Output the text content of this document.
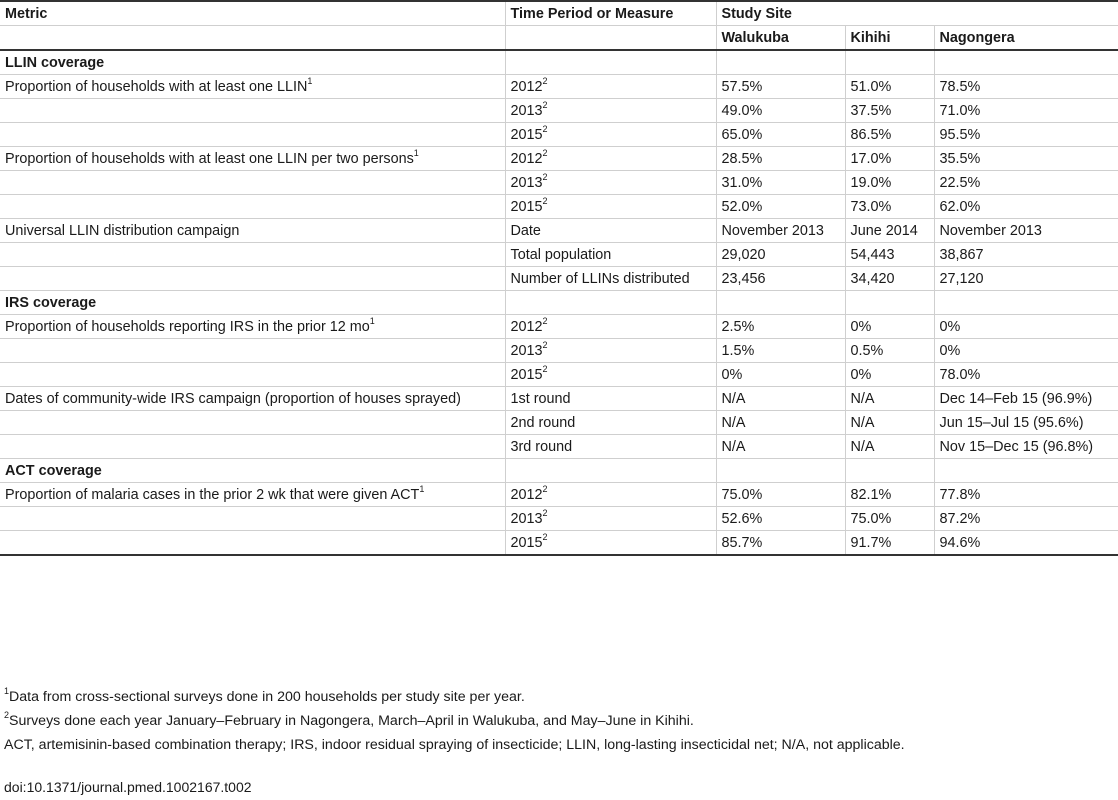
Metric	Time Period or Measure	Study Site		
		Walukuba	Kihihi	Nagongera
LLIN coverage				
Proportion of households with at least one LLIN$^1$	2012$^2$	57.5%	51.0%	78.5%
	2013$^2$	49.0%	37.5%	71.0%
	2015$^2$	65.0%	86.5%	95.5%
Proportion of households with at least one LLIN per two persons$^1$	2012$^2$	28.5%	17.0%	35.5%
	2013$^2$	31.0%	19.0%	22.5%
	2015$^2$	52.0%	73.0%	62.0%
Universal LLIN distribution campaign	Date	November 2013	June 2014	November 2013
	Total population	29,020	54,443	38,867
	Number of LLINs distributed	23,456	34,420	27,120
IRS coverage				
Proportion of households reporting IRS in the prior 12 $mo^1$	2012$^2$	2.5%	0%	0%
	2013$^2$	1.5%	0.5%	0%
	2015$^2$	0%	0%	78.0%
Dates of community-wide IRS campaign (proportion of houses sprayed)	1st round	N/A	N/A	Dec 14–Feb 15 (96.9%)
	2nd round	N/A	N/A	Jun 15–Jul 15 (95.6%)
	3rd round	N/A	N/A	Nov 15–Dec 15 (96.8%)
ACT coverage				
Proportion of malaria cases in the prior 2 wk that were given ACT$^1$	2012$^2$	75.0%	82.1%	77.8%
	2013$^2$	52.6%	75.0%	87.2%
	2015$^2$	85.7%	91.7%	94.6%
$^1$Data from cross-sectional surveys done in 200 households per study site per year.
$^2$Surveys done each year January–February in Nagongera, March–April in Walukuba, and May–June in Kihihi.
ACT, artemisinin-based combination therapy; IRS, indoor residual spraying of insecticide; LLIN, long-lasting insecticidal net; N/A, not applicable.
doi:10.1371/journal.pmed.1002167.t002
